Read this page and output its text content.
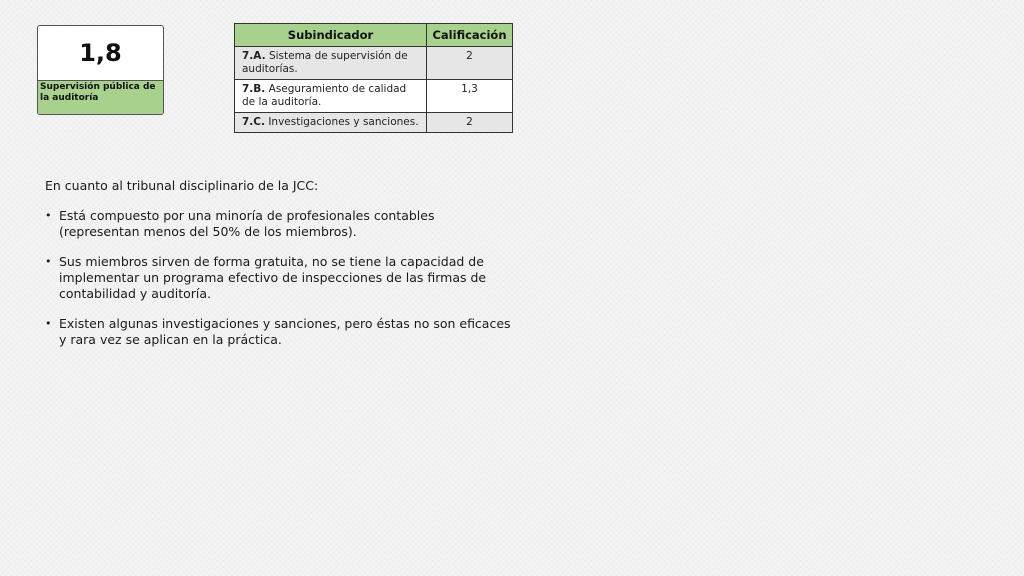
1,8
Supervisión pública de la auditoría
Subindicador	Calificación
7.A. Sistema de supervisión de auditorías.	2
7.B. Aseguramiento de calidad de la auditoría.	1,3
7.C. Investigaciones y sanciones.	2

En cuanto al tribunal disciplinario de la JCC:

• Está compuesto por una minoría de profesionales contables (representan menos del 50% de los miembros).
• Sus miembros sirven de forma gratuita, no se tiene la capacidad de implementar un programa efectivo de inspecciones de las firmas de contabilidad y auditoría.
• Existen algunas investigaciones y sanciones, pero éstas no son eficaces y rara vez se aplican en la práctica.
